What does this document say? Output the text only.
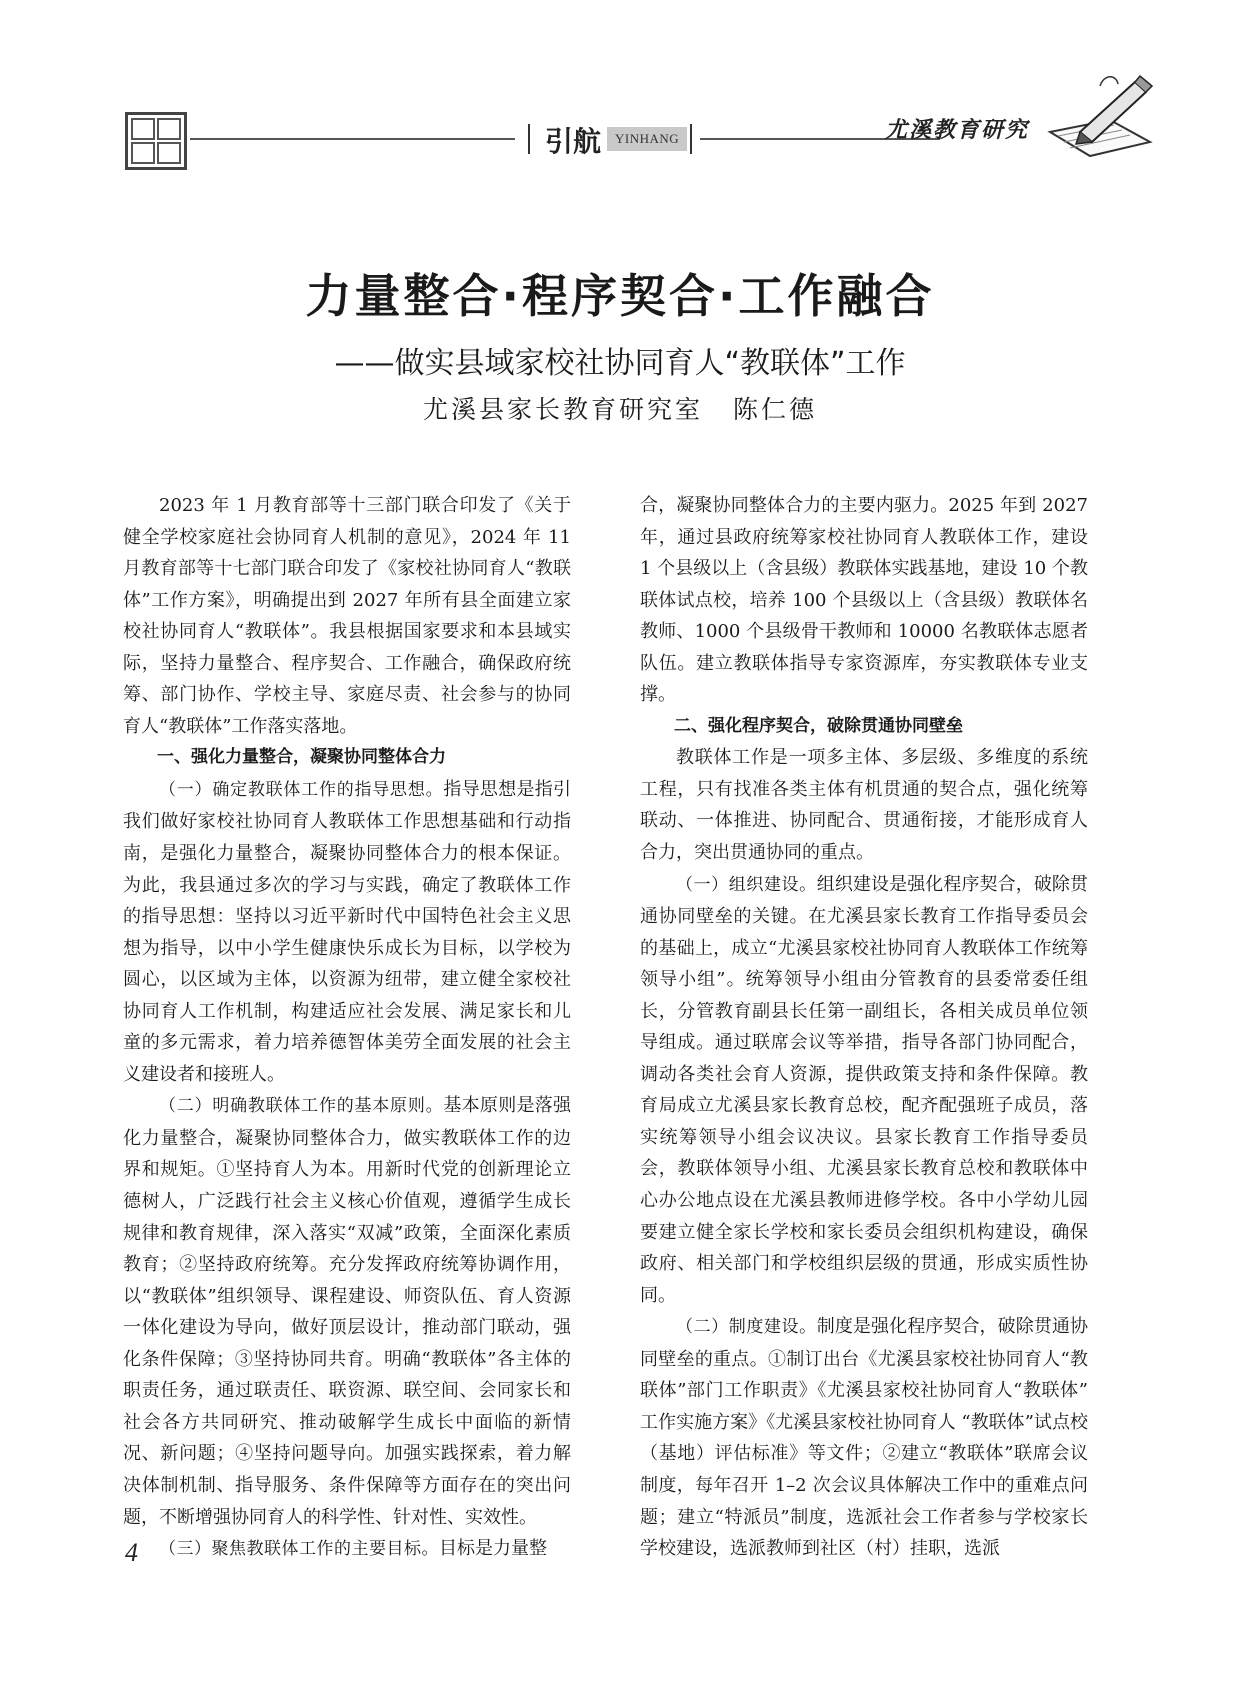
引航	YINHANG	尤溪教育研究
力量整合·程序契合·工作融合
——做实县域家校社协同育人“教联体”工作
尤溪县家长教育研究室 陈仁德

2023 年 1 月教育部等十三部门联合印发了《关于健全学校家庭社会协同育人机制的意见》，2024 年 11 月教育部等十七部门联合印发了《家校社协同育人“教联体”工作方案》，明确提出到 2027 年所有县全面建立家校社协同育人“教联体”。我县根据国家要求和本县域实际，坚持力量整合、程序契合、工作融合，确保政府统筹、部门协作、学校主导、家庭尽责、社会参与的协同育人“教联体”工作落实落地。

一、强化力量整合，凝聚协同整体合力

（一）确定教联体工作的指导思想。指导思想是指引我们做好家校社协同育人教联体工作思想基础和行动指南，是强化力量整合，凝聚协同整体合力的根本保证。为此，我县通过多次的学习与实践，确定了教联体工作的指导思想：坚持以习近平新时代中国特色社会主义思想为指导，以中小学生健康快乐成长为目标，以学校为圆心，以区域为主体，以资源为纽带，建立健全家校社协同育人工作机制，构建适应社会发展、满足家长和儿童的多元需求，着力培养德智体美劳全面发展的社会主义建设者和接班人。

（二）明确教联体工作的基本原则。基本原则是落强化力量整合，凝聚协同整体合力，做实教联体工作的边界和规矩。①坚持育人为本。用新时代党的创新理论立德树人，广泛践行社会主义核心价值观，遵循学生成长规律和教育规律，深入落实“双减”政策，全面深化素质教育；②坚持政府统筹。充分发挥政府统筹协调作用，以“教联体”组织领导、课程建设、师资队伍、育人资源一体化建设为导向，做好顶层设计，推动部门联动，强化条件保障；③坚持协同共育。明确“教联体”各主体的职责任务，通过联责任、联资源、联空间、会同家长和社会各方共同研究、推动破解学生成长中面临的新情况、新问题；④坚持问题导向。加强实践探索，着力解决体制机制、指导服务、条件保障等方面存在的突出问题，不断增强协同育人的科学性、针对性、实效性。

（三）聚焦教联体工作的主要目标。目标是力量整

合，凝聚协同整体合力的主要内驱力。2025 年到 2027 年，通过县政府统筹家校社协同育人教联体工作，建设 1 个县级以上（含县级）教联体实践基地，建设 10 个教联体试点校，培养 100 个县级以上（含县级）教联体名教师、1000 个县级骨干教师和 10000 名教联体志愿者队伍。建立教联体指导专家资源库，夯实教联体专业支撑。

二、强化程序契合，破除贯通协同壁垒

教联体工作是一项多主体、多层级、多维度的系统工程，只有找准各类主体有机贯通的契合点，强化统筹联动、一体推进、协同配合、贯通衔接，才能形成育人合力，突出贯通协同的重点。

（一）组织建设。组织建设是强化程序契合，破除贯通协同壁垒的关键。在尤溪县家长教育工作指导委员会的基础上，成立“尤溪县家校社协同育人教联体工作统筹领导小组”。统筹领导小组由分管教育的县委常委任组长，分管教育副县长任第一副组长，各相关成员单位领导组成。通过联席会议等举措，指导各部门协同配合，调动各类社会育人资源，提供政策支持和条件保障。教育局成立尤溪县家长教育总校，配齐配强班子成员，落实统筹领导小组会议决议。县家长教育工作指导委员会，教联体领导小组、尤溪县家长教育总校和教联体中心办公地点设在尤溪县教师进修学校。各中小学幼儿园要建立健全家长学校和家长委员会组织机构建设，确保政府、相关部门和学校组织层级的贯通，形成实质性协同。

（二）制度建设。制度是强化程序契合，破除贯通协同壁垒的重点。①制订出台《尤溪县家校社协同育人“教联体”部门工作职责》《尤溪县家校社协同育人“教联体” 工作实施方案》《尤溪县家校社协同育人 “教联体”试点校（基地）评估标准》等文件；②建立“教联体”联席会议制度，每年召开 1–2 次会议具体解决工作中的重难点问题；建立“特派员”制度，选派社会工作者参与学校家长学校建设，选派教师到社区（村）挂职，选派

4
